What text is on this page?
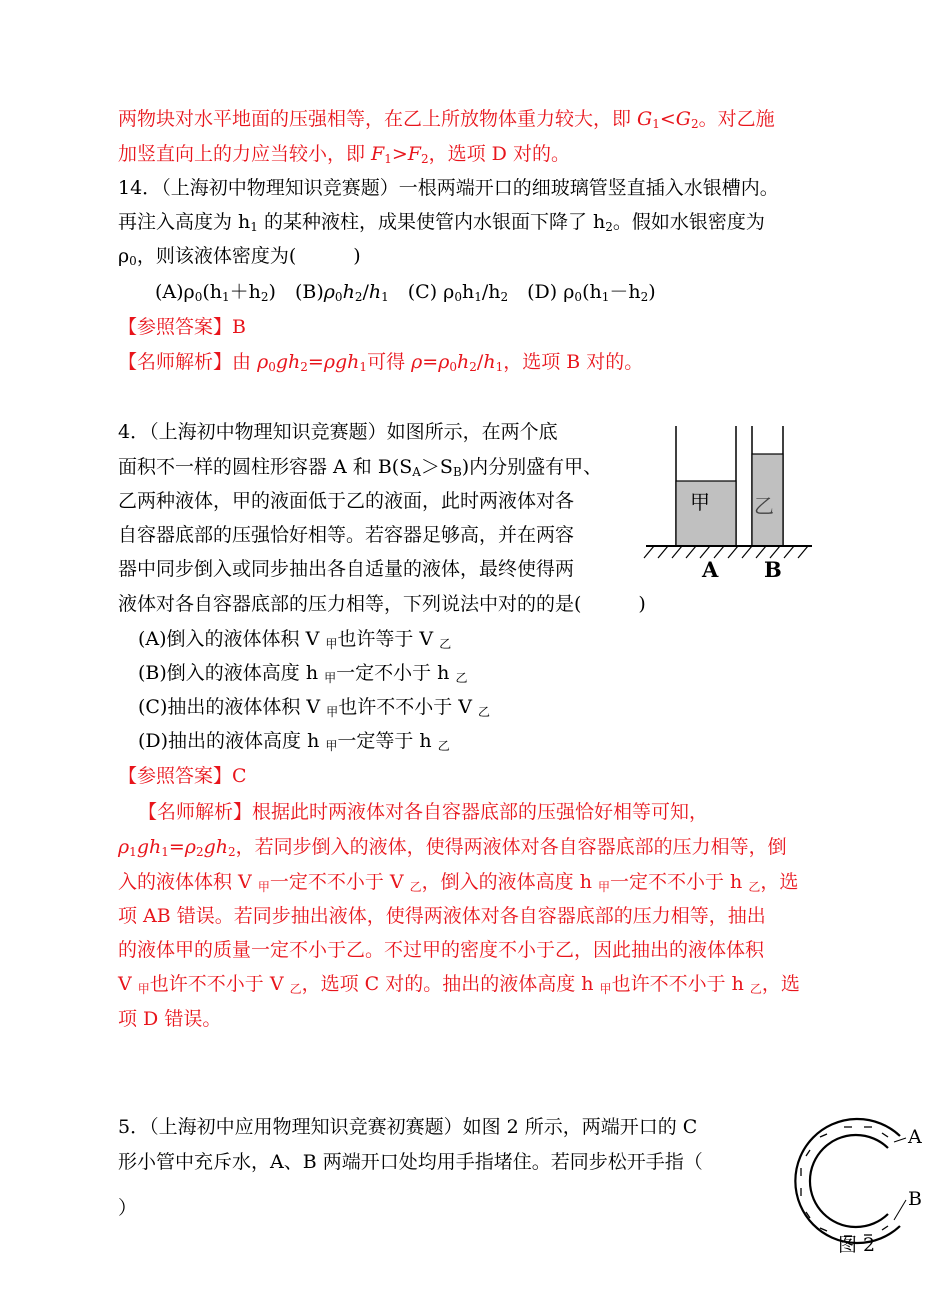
两物块对水平地面的压强相等，在乙上所放物体重力较大，即 $G_1<G_2$。对乙施
加竖直向上的力应当较小，即 $F_1>F_2$，选项 D 对的。
14．（上海初中物理知识竞赛题）一根两端开口的细玻璃管竖直插入水银槽内。
再注入高度为 $h_1$ 的某种液柱，成果使管内水银面下降了 $h_2$。假如水银密度为
$\rho_0$，则该液体密度为(　　　)
$(A)\rho_0(h_1+h_2)$　$(B)\rho_0h_2/h_1$　(C) $\rho_0h_1/h_2$　(D) $\rho_0(h_1-h_2)$
【参照答案】B
【名师解析】由 $\rho_0gh_2=\rho gh_1$可得 $\rho=\rho_0h_2/h_1$，选项 B 对的。
4．（上海初中物理知识竞赛题）如图所示，在两个底
面积不一样的圆柱形容器 A 和 $B(S_A>S_B)$内分别盛有甲、
乙两种液体，甲的液面低于乙的液面，此时两液体对各
自容器底部的压强恰好相等。若容器足够高，并在两容
器中同步倒入或同步抽出各自适量的液体，最终使得两
液体对各自容器底部的压力相等，下列说法中对的的是(　　　)
(A)倒入的液体体积 V $_甲$也许等于 V $_乙$
(B)倒入的液体高度 h $_甲$一定不小于 h $_乙$
(C)抽出的液体体积 V $_甲$也许不不小于 V $_乙$
(D)抽出的液体高度 h $_甲$一定等于 h $_乙$
【参照答案】C
【名师解析】根据此时两液体对各自容器底部的压强恰好相等可知，
$\rho_1gh_1=\rho_2gh_2$，若同步倒入的液体，使得两液体对各自容器底部的压力相等，倒
入的液体体积 V $_甲$一定不不小于 V $_乙$，倒入的液体高度 h $_甲$一定不不小于 h $_乙$，选
项 AB 错误。若同步抽出液体，使得两液体对各自容器底部的压力相等，抽出
的液体甲的质量一定不小于乙。不过甲的密度不小于乙，因此抽出的液体体积
V $_甲$也许不不小于 V $_乙$，选项 C 对的。抽出的液体高度 h $_甲$也许不不小于 h $_乙$，选
项 D 错误。
甲 乙
A B
5．（上海初中应用物理知识竞赛初赛题）如图 2 所示，两端开口的 C
形小管中充斥水，A、B 两端开口处均用手指堵住。若同步松开手指（
）
A
B
图 2
